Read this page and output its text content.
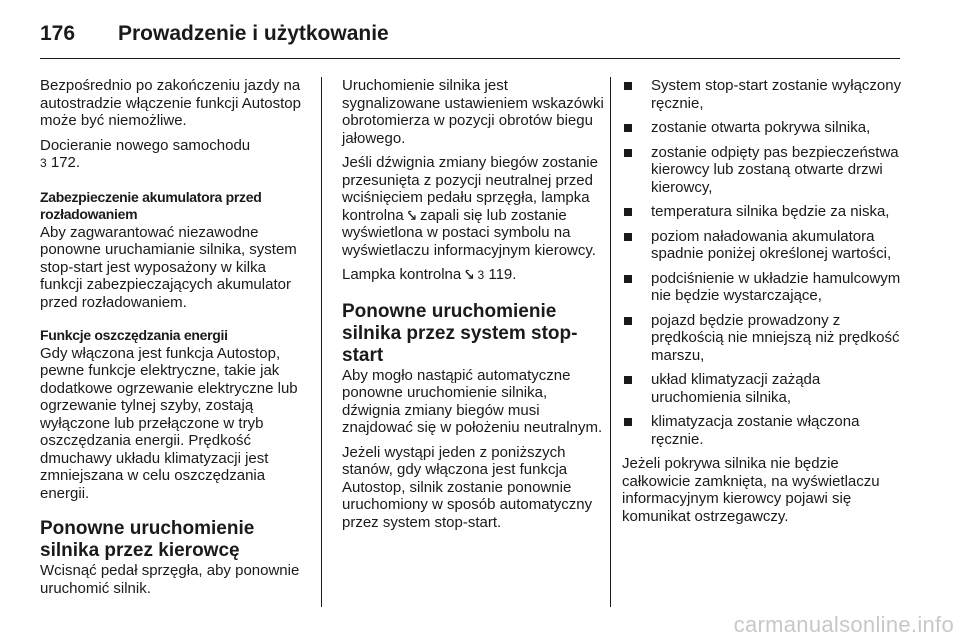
176	Prowadzenie i użytkowanie

Bezpośrednio po zakończeniu jazdy na autostradzie włączenie funkcji Autostop może być niemożliwe.

Docieranie nowego samochodu
3 172.

Zabezpieczenie akumulatora przed rozładowaniem

Aby zagwarantować niezawodne ponowne uruchamianie silnika, system stop-start jest wyposażony w kilka funkcji zabezpieczających akumulator przed rozładowaniem.

Funkcje oszczędzania energii

Gdy włączona jest funkcja Autostop, pewne funkcje elektryczne, takie jak dodatkowe ogrzewanie elektryczne lub ogrzewanie tylnej szyby, zostają wyłączone lub przełączone w tryb oszczędzania energii. Prędkość dmuchawy układu klimatyzacji jest zmniejszana w celu oszczędzania energii.

Ponowne uruchomienie silnika przez kierowcę

Wcisnąć pedał sprzęgła, aby ponownie uruchomić silnik.

Uruchomienie silnika jest sygnalizowane ustawieniem wskazówki obrotomierza w pozycji obrotów biegu jałowego.

Jeśli dźwignia zmiany biegów zostanie przesunięta z pozycji neutralnej przed wciśnięciem pedału sprzęgła, lampka kontrolna ⤥ zapali się lub zostanie wyświetlona w postaci symbolu na wyświetlaczu informacyjnym kierowcy.

Lampka kontrolna ⤥ 3 119.

Ponowne uruchomienie silnika przez system stop-start

Aby mogło nastąpić automatyczne ponowne uruchomienie silnika, dźwignia zmiany biegów musi znajdować się w położeniu neutralnym.

Jeżeli wystąpi jeden z poniższych stanów, gdy włączona jest funkcja Autostop, silnik zostanie ponownie uruchomiony w sposób automatyczny przez system stop-start.

System stop-start zostanie wyłączony ręcznie,
zostanie otwarta pokrywa silnika,
zostanie odpięty pas bezpieczeństwa kierowcy lub zostaną otwarte drzwi kierowcy,
temperatura silnika będzie za niska,
poziom naładowania akumulatora spadnie poniżej określonej wartości,
podciśnienie w układzie hamulcowym nie będzie wystarczające,
pojazd będzie prowadzony z prędkością nie mniejszą niż prędkość marszu,
układ klimatyzacji zażąda uruchomienia silnika,
klimatyzacja zostanie włączona ręcznie.

Jeżeli pokrywa silnika nie będzie całkowicie zamknięta, na wyświetlaczu informacyjnym kierowcy pojawi się komunikat ostrzegawczy.

carmanualsonline.info
